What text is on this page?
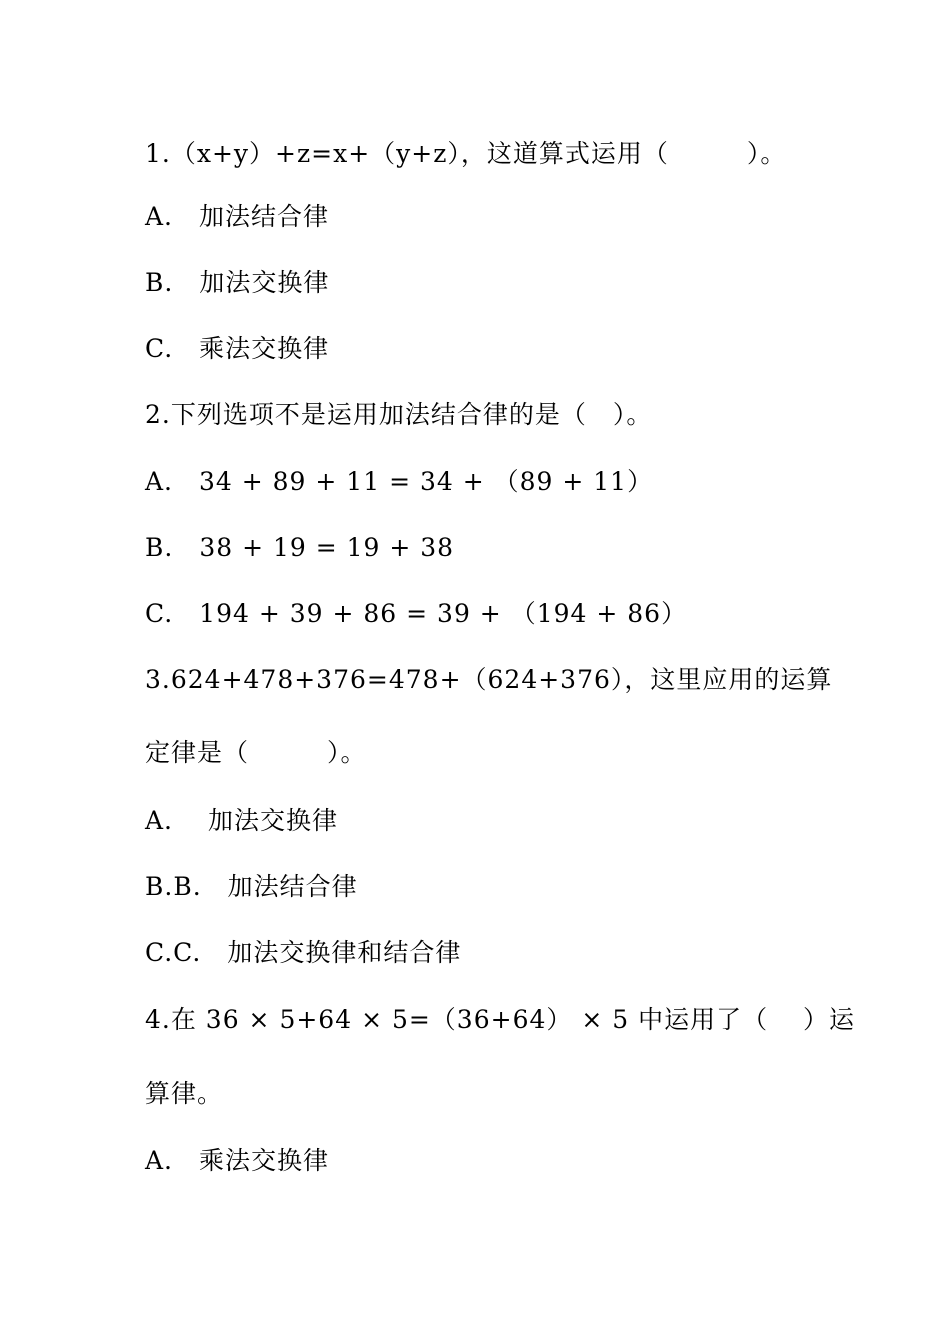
1.（x+y）+z=x+（y+z），这道算式运用（　　　）。
A.　加法结合律
B.　加法交换律
C.　乘法交换律
2.下列选项不是运用加法结合律的是（　）。
A.　34 + 89 + 11 = 34 + （89 + 11）
B.　38 + 19 = 19 + 38
C.　194 + 39 + 86 = 39 + （194 + 86）
3.624+478+376=478+（624+376），这里应用的运算
定律是（　　　）。
A.　 加法交换律
B.B.　加法结合律
C.C.　加法交换律和结合律
4.在 36 × 5+64 × 5=（36+64） × 5 中运用了（　 ）运
算律。
A.　乘法交换律
